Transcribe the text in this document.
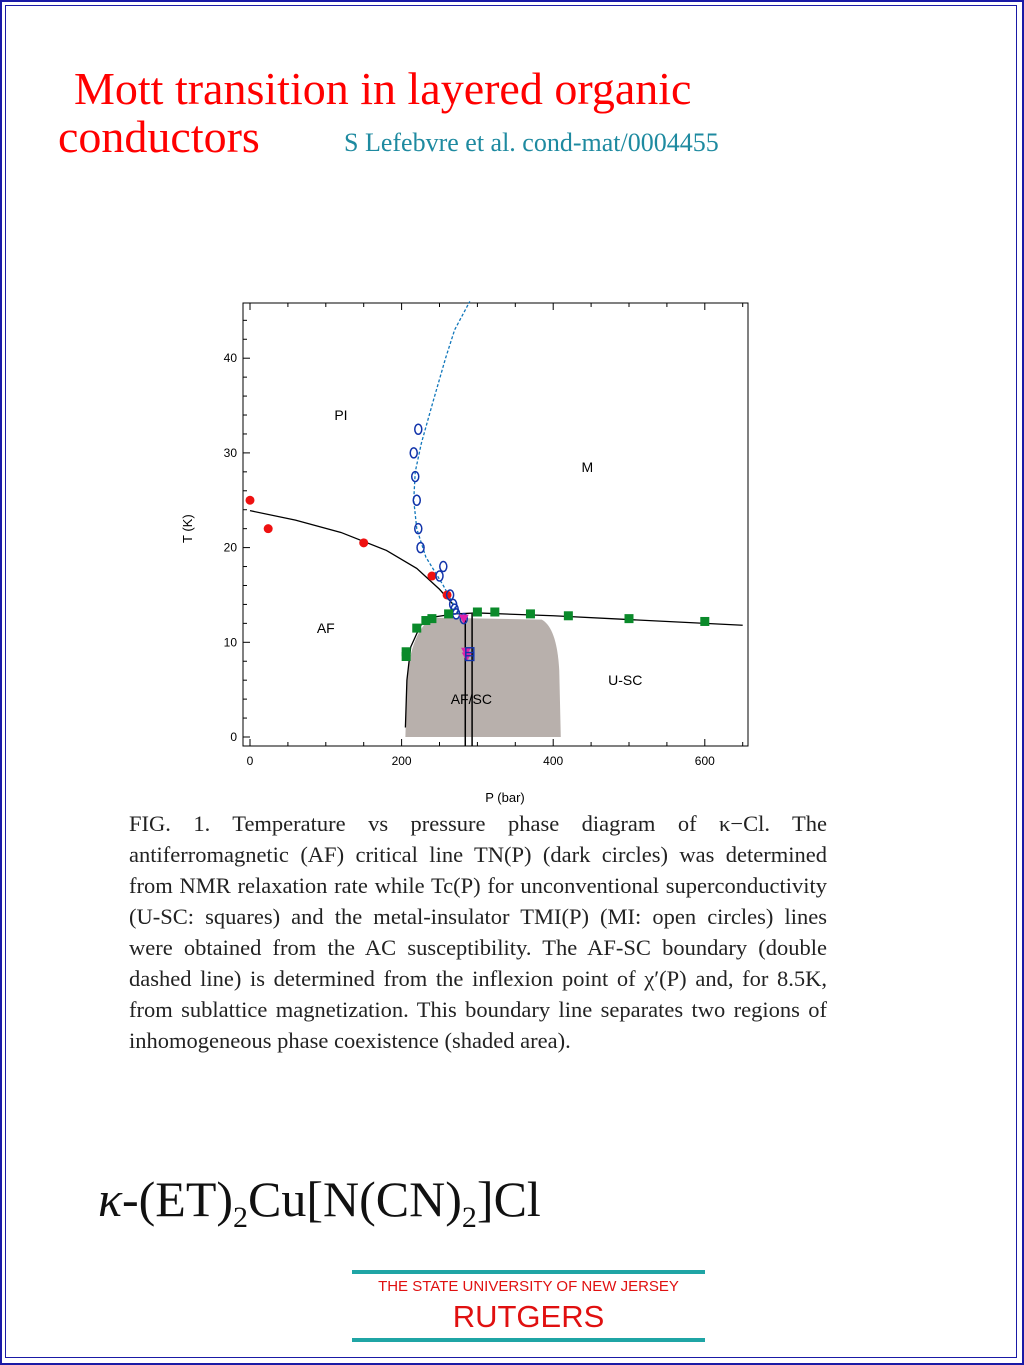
Mott transition in layered organic
conductors	S Lefebvre et al. cond-mat/0004455
0	200	400	600
0
10
20
30
40
P (bar)
T (K)
PI
M
AF
U-SC
AF/SC
FIG. 1. Temperature vs pressure phase diagram of κ−Cl. The antiferromagnetic (AF) critical line TN(P) (dark circles) was determined from NMR relaxation rate while Tc(P) for unconventional superconductivity (U-SC: squares) and the metal-insulator TMI(P) (MI: open circles) lines were obtained from the AC susceptibility. The AF-SC boundary (double dashed line) is determined from the inflexion point of χ′(P) and, for 8.5K, from sublattice magnetization. This boundary line separates two regions of inhomogeneous phase coexistence (shaded area).
$\kappa-(ET)_2Cu[N(CN)_2]Cl$
THE STATE UNIVERSITY OF NEW JERSEY
RUTGERS
